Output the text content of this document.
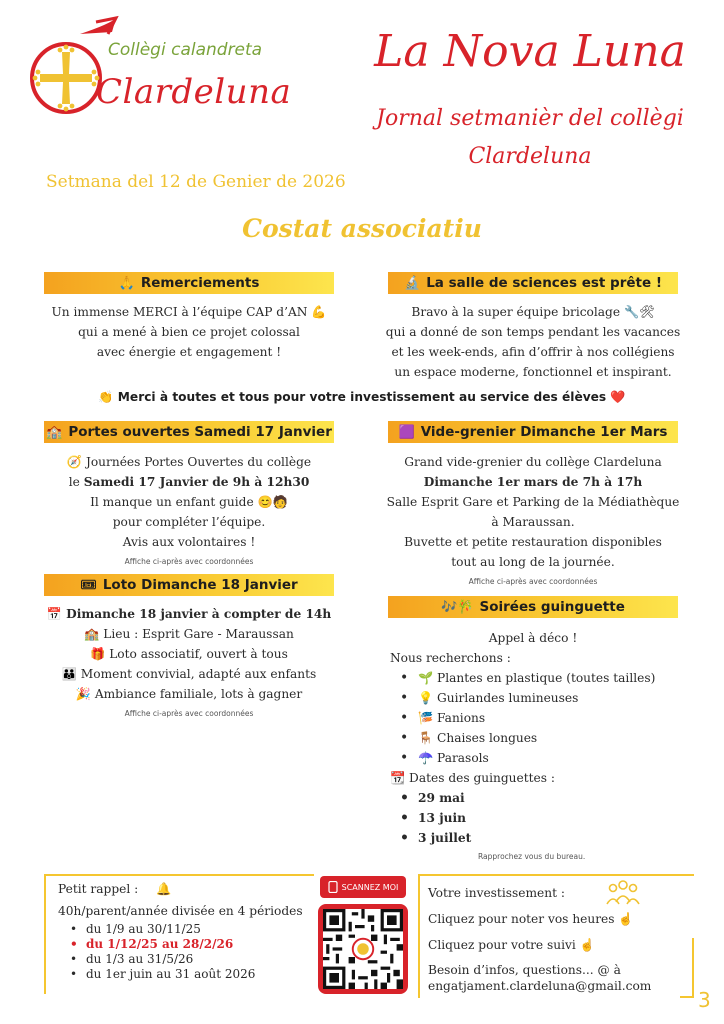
Collègi calandreta
Clardeluna
La Nova Luna
Jornal setmanièr del collègi
Clardeluna
Setmana del 12 de Genier de 2026
Costat associatiu
🙏 Remerciements
Un immense MERCI à l’équipe CAP d’AN 💪
qui a mené à bien ce projet colossal
avec énergie et engagement !
🔬 La salle de sciences est prête !
Bravo à la super équipe bricolage 🔧🛠
qui a donné de son temps pendant les vacances
et les week-ends, afin d’offrir à nos collégiens
un espace moderne, fonctionnel et inspirant.
👏 Merci à toutes et tous pour votre investissement au service des élèves ❤️
🏫 Portes ouvertes Samedi 17 Janvier
🧭 Journées Portes Ouvertes du collège
le Samedi 17 Janvier de 9h à 12h30
Il manque un enfant guide 😊🧑
pour compléter l’équipe.
Avis aux volontaires !
Affiche ci-après avec coordonnées
🎟 Loto Dimanche 18 Janvier
📅 Dimanche 18 janvier à compter de 14h
🏫 Lieu : Esprit Gare - Maraussan
🎁 Loto associatif, ouvert à tous
👪 Moment convivial, adapté aux enfants
🎉 Ambiance familiale, lots à gagner
Affiche ci-après avec coordonnées
🟪 Vide-grenier Dimanche 1er Mars
Grand vide-grenier du collège Clardeluna
Dimanche 1er mars de 7h à 17h
Salle Esprit Gare et Parking de la Médiathèque
à Maraussan.
Buvette et petite restauration disponibles
tout au long de la journée.
Affiche ci-après avec coordonnées
🎶🎋 Soirées guinguette
Appel à déco !
Nous recherchons :
• 🌱 Plantes en plastique (toutes tailles)
• 💡 Guirlandes lumineuses
• 🎏 Fanions
• 🪑 Chaises longues
• ☂️ Parasols
📆 Dates des guinguettes :
• 29 mai
• 13 juin
• 3 juillet
Rapprochez vous du bureau.
Petit rappel : 🔔
40h/parent/année divisée en 4 périodes
• du 1/9 au 30/11/25
• du 1/12/25 au 28/2/26
• du 1/3 au 31/5/26
• du 1er juin au 31 août 2026
SCANNEZ MOI Votre investissement :
Cliquez pour noter vos heures ☝
Cliquez pour votre suivi ☝
Besoin d’infos, questions... @ à
engatjament.clardeluna@gmail.com
3
